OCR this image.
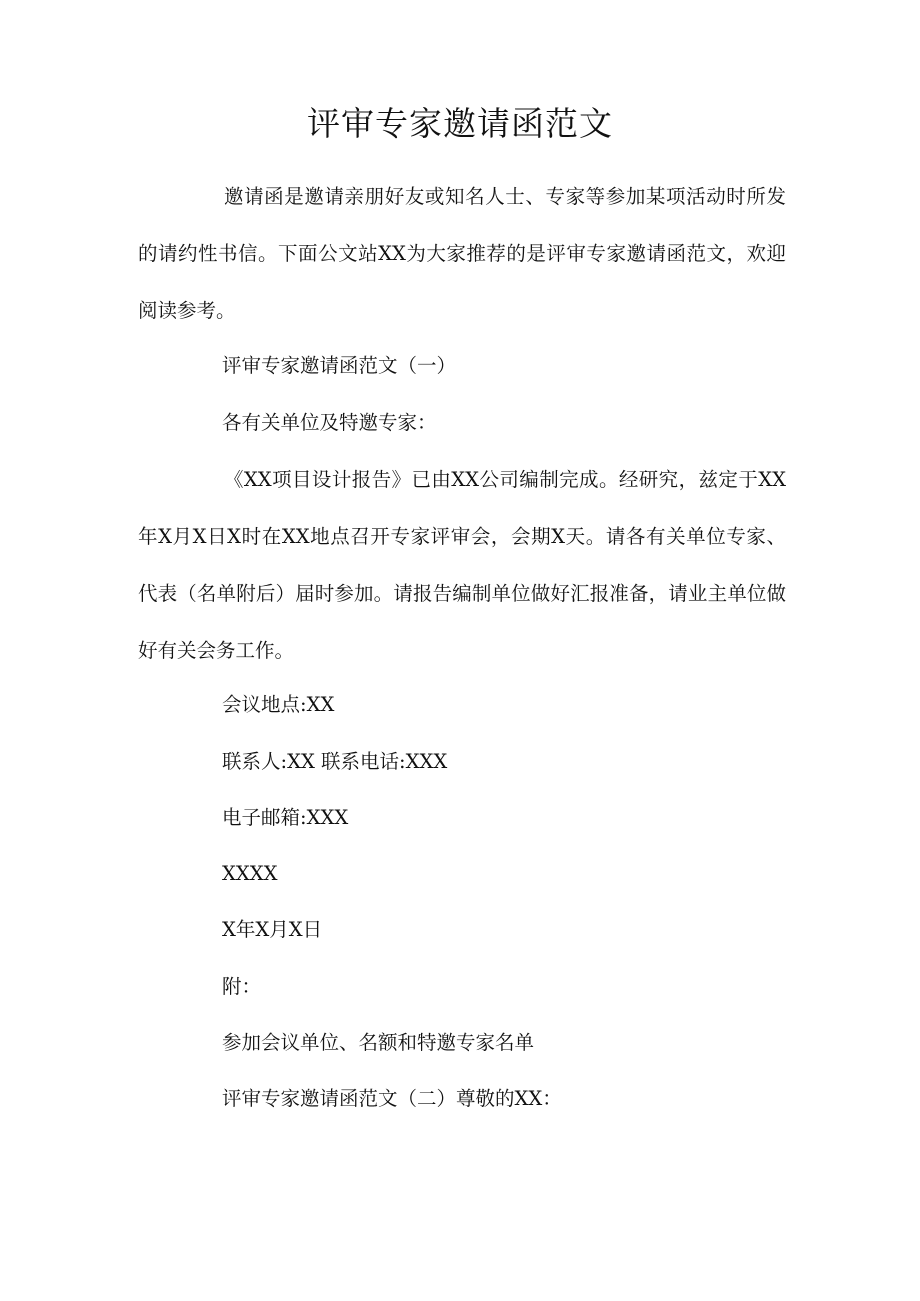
评审专家邀请函范文
邀请函是邀请亲朋好友或知名人士、专家等参加某项活动时所发的请约性书信。下面公文站XX为大家推荐的是评审专家邀请函范文，欢迎阅读参考。
评审专家邀请函范文（一）
各有关单位及特邀专家：
《XX项目设计报告》已由XX公司编制完成。经研究，兹定于XX年X月X日X时在XX地点召开专家评审会，会期X天。请各有关单位专家、代表（名单附后）届时参加。请报告编制单位做好汇报准备，请业主单位做好有关会务工作。
会议地点:XX
联系人:XX 联系电话:XXX
电子邮箱:XXX
XXXX
X年X月X日
附：
参加会议单位、名额和特邀专家名单
评审专家邀请函范文（二）尊敬的XX：
